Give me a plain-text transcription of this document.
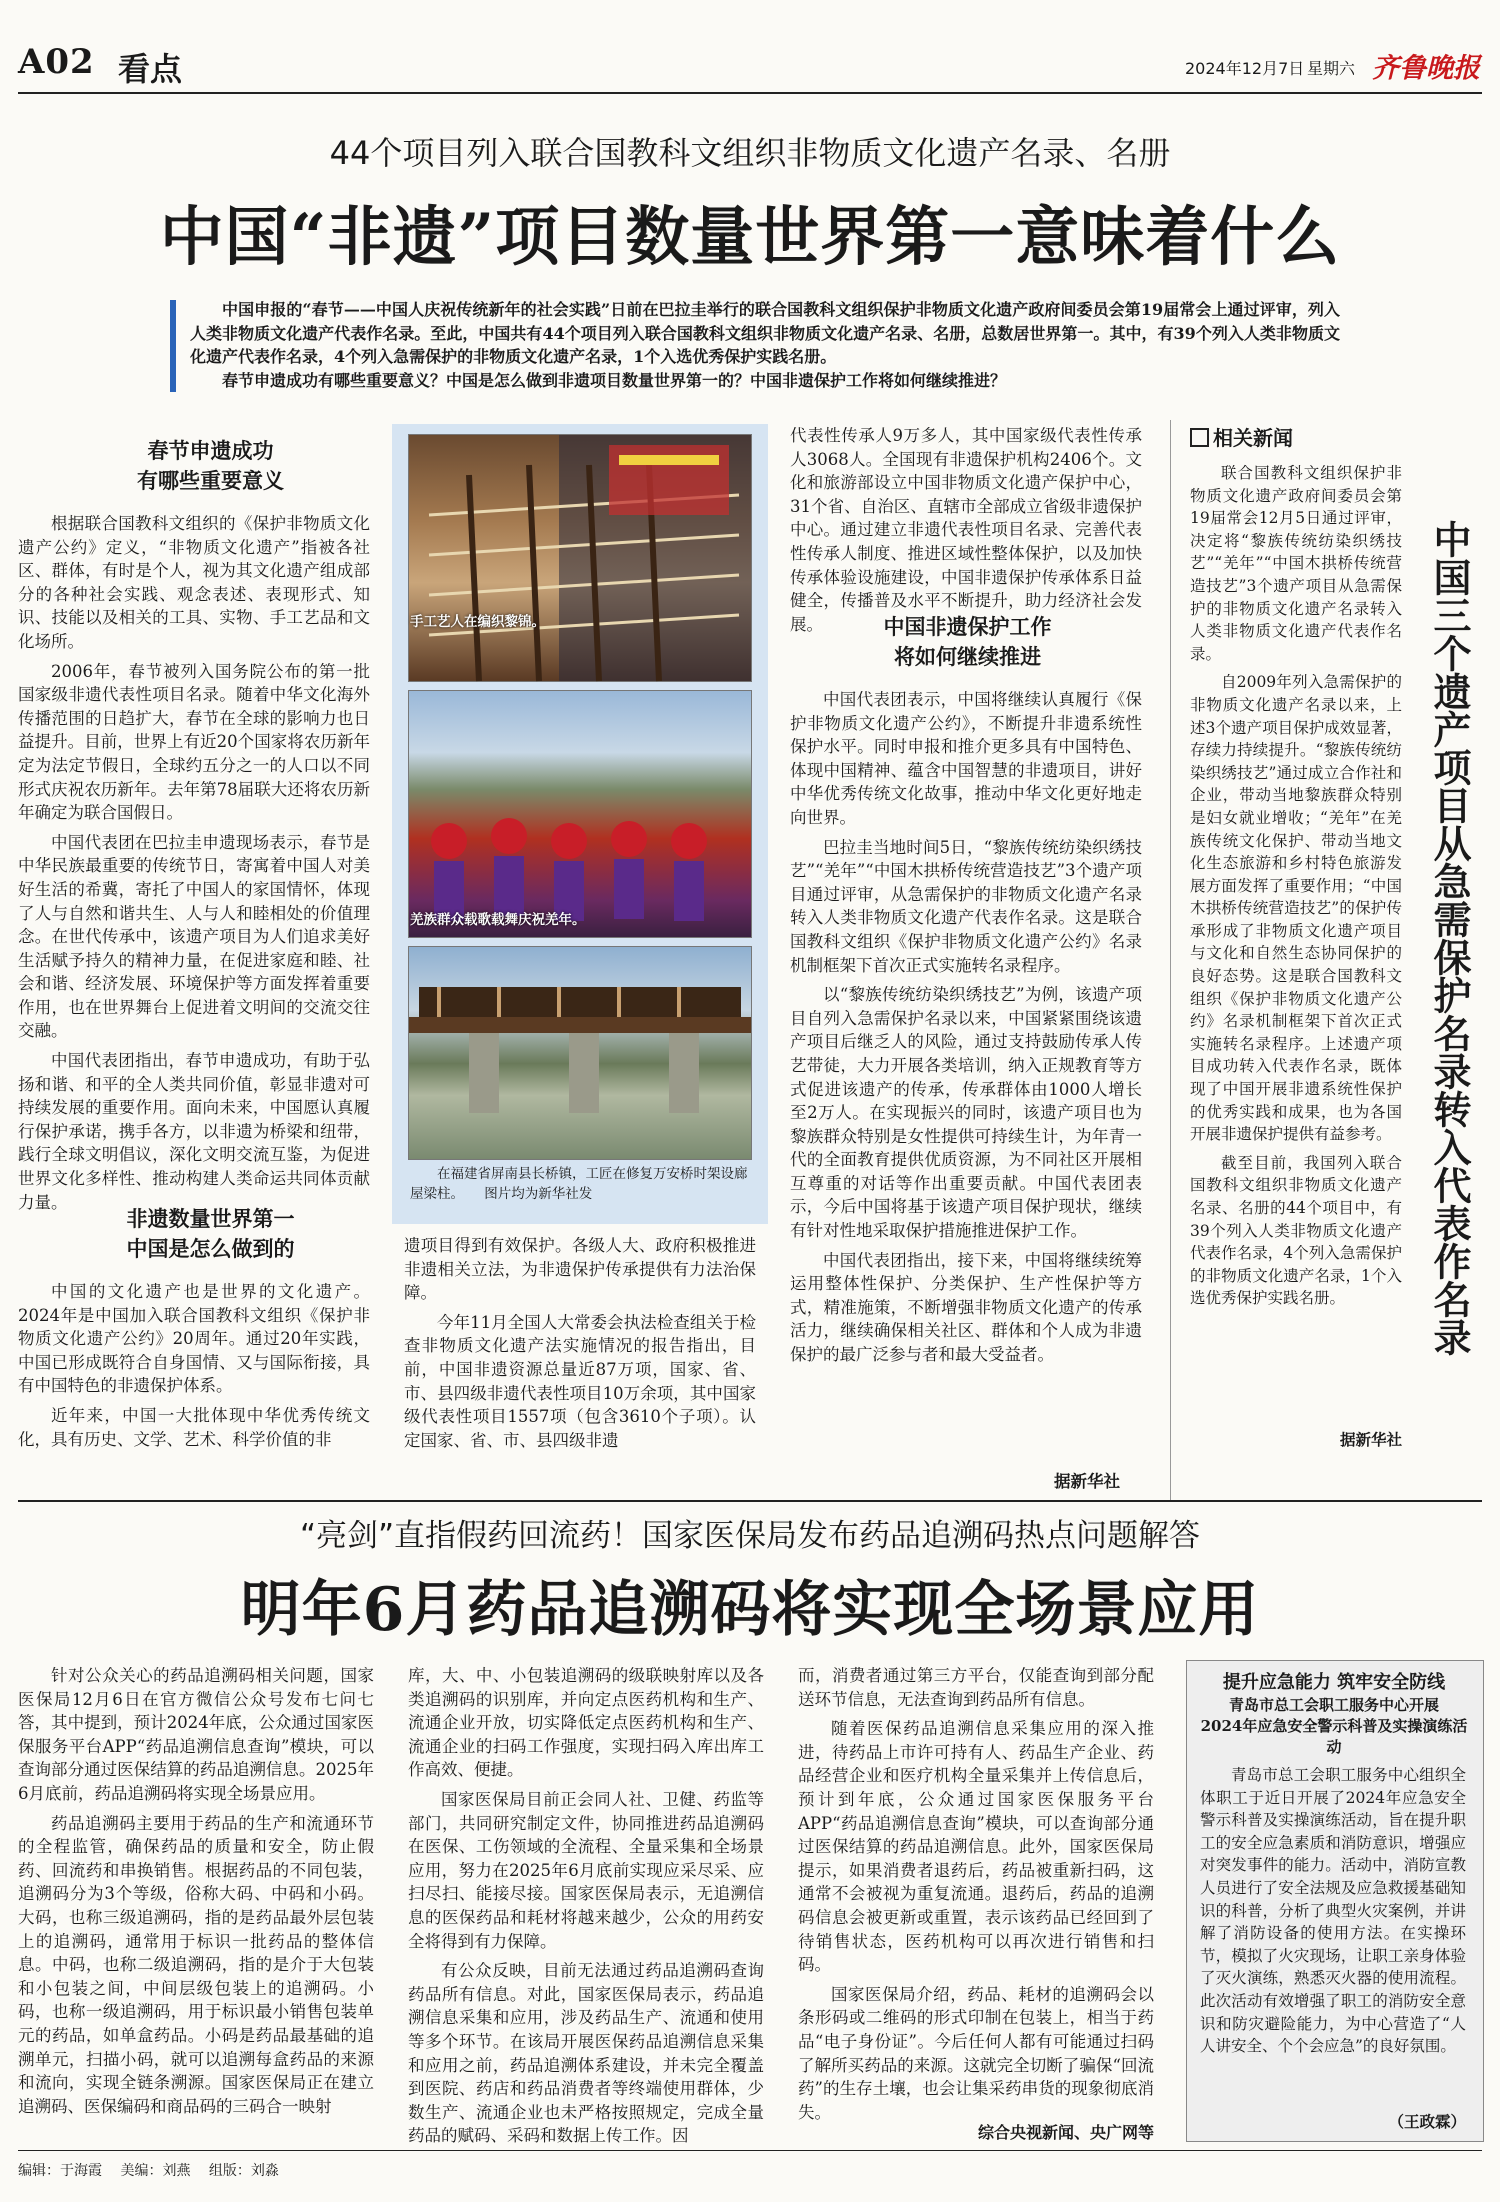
A02 看点	2024年12月7日 星期六 齐鲁晚报
44个项目列入联合国教科文组织非物质文化遗产名录、名册
中国“非遗”项目数量世界第一意味着什么
中国申报的“春节——中国人庆祝传统新年的社会实践”日前在巴拉圭举行的联合国教科文组织保护非物质文化遗产政府间委员会第19届常会上通过评审，列入人类非物质文化遗产代表作名录。至此，中国共有44个项目列入联合国教科文组织非物质文化遗产名录、名册，总数居世界第一。其中，有39个列入人类非物质文化遗产代表作名录，4个列入急需保护的非物质文化遗产名录，1个入选优秀保护实践名册。
春节申遗成功有哪些重要意义？中国是怎么做到非遗项目数量世界第一的？中国非遗保护工作将如何继续推进？
春节申遗成功
有哪些重要意义

根据联合国教科文组织的《保护非物质文化遗产公约》定义，“非物质文化遗产”指被各社区、群体，有时是个人，视为其文化遗产组成部分的各种社会实践、观念表述、表现形式、知识、技能以及相关的工具、实物、手工艺品和文化场所。

2006年，春节被列入国务院公布的第一批国家级非遗代表性项目名录。随着中华文化海外传播范围的日趋扩大，春节在全球的影响力也日益提升。目前，世界上有近20个国家将农历新年定为法定节假日，全球约五分之一的人口以不同形式庆祝农历新年。去年第78届联大还将农历新年确定为联合国假日。

中国代表团在巴拉圭申遗现场表示，春节是中华民族最重要的传统节日，寄寓着中国人对美好生活的希冀，寄托了中国人的家国情怀，体现了人与自然和谐共生、人与人和睦相处的价值理念。在世代传承中，该遗产项目为人们追求美好生活赋予持久的精神力量，在促进家庭和睦、社会和谐、经济发展、环境保护等方面发挥着重要作用，也在世界舞台上促进着文明间的交流交往交融。

中国代表团指出，春节申遗成功，有助于弘扬和谐、和平的全人类共同价值，彰显非遗对可持续发展的重要作用。面向未来，中国愿认真履行保护承诺，携手各方，以非遗为桥梁和纽带，践行全球文明倡议，深化文明交流互鉴，为促进世界文化多样性、推动构建人类命运共同体贡献力量。

非遗数量世界第一
中国是怎么做到的

中国的文化遗产也是世界的文化遗产。2024年是中国加入联合国教科文组织《保护非物质文化遗产公约》20周年。通过20年实践，中国已形成既符合自身国情、又与国际衔接，具有中国特色的非遗保护体系。

近年来，中国一大批体现中华优秀传统文化，具有历史、文学、艺术、科学价值的非

手工艺人在编织黎锦。
羌族群众载歌载舞庆祝羌年。
在福建省屏南县长桥镇，工匠在修复万安桥时架设廊屋梁柱。　　图片均为新华社发

遗项目得到有效保护。各级人大、政府积极推进非遗相关立法，为非遗保护传承提供有力法治保障。

今年11月全国人大常委会执法检查组关于检查非物质文化遗产法实施情况的报告指出，目前，中国非遗资源总量近87万项，国家、省、市、县四级非遗代表性项目10万余项，其中国家级代表性项目1557项（包含3610个子项）。认定国家、省、市、县四级非遗

代表性传承人9万多人，其中国家级代表性传承人3068人。全国现有非遗保护机构2406个。文化和旅游部设立中国非物质文化遗产保护中心，31个省、自治区、直辖市全部成立省级非遗保护中心。通过建立非遗代表性项目名录、完善代表性传承人制度、推进区域性整体保护，以及加快传承体验设施建设，中国非遗保护传承体系日益健全，传播普及水平不断提升，助力经济社会发展。	中国非遗保护工作
将如何继续推进

中国代表团表示，中国将继续认真履行《保护非物质文化遗产公约》，不断提升非遗系统性保护水平。同时申报和推介更多具有中国特色、体现中国精神、蕴含中国智慧的非遗项目，讲好中华优秀传统文化故事，推动中华文化更好地走向世界。

巴拉圭当地时间5日，“黎族传统纺染织绣技艺”“羌年”“中国木拱桥传统营造技艺”3个遗产项目通过评审，从急需保护的非物质文化遗产名录转入人类非物质文化遗产代表作名录。这是联合国教科文组织《保护非物质文化遗产公约》名录机制框架下首次正式实施转名录程序。

以“黎族传统纺染织绣技艺”为例，该遗产项目自列入急需保护名录以来，中国紧紧围绕该遗产项目后继乏人的风险，通过支持鼓励传承人传艺带徒，大力开展各类培训，纳入正规教育等方式促进该遗产的传承，传承群体由1000人增长至2万人。在实现振兴的同时，该遗产项目也为黎族群众特别是女性提供可持续生计，为年青一代的全面教育提供优质资源，为不同社区开展相互尊重的对话等作出重要贡献。中国代表团表示，今后中国将基于该遗产项目保护现状，继续有针对性地采取保护措施推进保护工作。

中国代表团指出，接下来，中国将继续统筹运用整体性保护、分类保护、生产性保护等方式，精准施策，不断增强非物质文化遗产的传承活力，继续确保相关社区、群体和个人成为非遗保护的最广泛参与者和最大受益者。

据新华社
相关新闻

联合国教科文组织保护非物质文化遗产政府间委员会第19届常会12月5日通过评审，决定将“黎族传统纺染织绣技艺”“羌年”“中国木拱桥传统营造技艺”3个遗产项目从急需保护的非物质文化遗产名录转入人类非物质文化遗产代表作名录。

自2009年列入急需保护的非物质文化遗产名录以来，上述3个遗产项目保护成效显著，存续力持续提升。“黎族传统纺染织绣技艺”通过成立合作社和企业，带动当地黎族群众特别是妇女就业增收；“羌年”在羌族传统文化保护、带动当地文化生态旅游和乡村特色旅游发展方面发挥了重要作用；“中国木拱桥传统营造技艺”的保护传承形成了非物质文化遗产项目与文化和自然生态协同保护的良好态势。这是联合国教科文组织《保护非物质文化遗产公约》名录机制框架下首次正式实施转名录程序。上述遗产项目成功转入代表作名录，既体现了中国开展非遗系统性保护的优秀实践和成果，也为各国开展非遗保护提供有益参考。

截至目前，我国列入联合国教科文组织非物质文化遗产名录、名册的44个项目中，有39个列入人类非物质文化遗产代表作名录，4个列入急需保护的非物质文化遗产名录，1个入选优秀保护实践名册。

据新华社
中国三个遗产项目从急需保护名录转入代表作名录
“亮剑”直指假药回流药！国家医保局发布药品追溯码热点问题解答
明年6月药品追溯码将实现全场景应用

针对公众关心的药品追溯码相关问题，国家医保局12月6日在官方微信公众号发布七问七答，其中提到，预计2024年底，公众通过国家医保服务平台APP“药品追溯信息查询”模块，可以查询部分通过医保结算的药品追溯信息。2025年6月底前，药品追溯码将实现全场景应用。

药品追溯码主要用于药品的生产和流通环节的全程监管，确保药品的质量和安全，防止假药、回流药和串换销售。根据药品的不同包装，追溯码分为3个等级，俗称大码、中码和小码。大码，也称三级追溯码，指的是药品最外层包装上的追溯码，通常用于标识一批药品的整体信息。中码，也称二级追溯码，指的是介于大包装和小包装之间，中间层级包装上的追溯码。小码，也称一级追溯码，用于标识最小销售包装单元的药品，如单盒药品。小码是药品最基础的追溯单元，扫描小码，就可以追溯每盒药品的来源和流向，实现全链条溯源。国家医保局正在建立追溯码、医保编码和商品码的三码合一映射

库，大、中、小包装追溯码的级联映射库以及各类追溯码的识别库，并向定点医药机构和生产、流通企业开放，切实降低定点医药机构和生产、流通企业的扫码工作强度，实现扫码入库出库工作高效、便捷。

国家医保局目前正会同人社、卫健、药监等部门，共同研究制定文件，协同推进药品追溯码在医保、工伤领域的全流程、全量采集和全场景应用，努力在2025年6月底前实现应采尽采、应扫尽扫、能接尽接。国家医保局表示，无追溯信息的医保药品和耗材将越来越少，公众的用药安全将得到有力保障。

有公众反映，目前无法通过药品追溯码查询药品所有信息。对此，国家医保局表示，药品追溯信息采集和应用，涉及药品生产、流通和使用等多个环节。在该局开展医保药品追溯信息采集和应用之前，药品追溯体系建设，并未完全覆盖到医院、药店和药品消费者等终端使用群体，少数生产、流通企业也未严格按照规定，完成全量药品的赋码、采码和数据上传工作。因

而，消费者通过第三方平台，仅能查询到部分配送环节信息，无法查询到药品所有信息。

随着医保药品追溯信息采集应用的深入推进，待药品上市许可持有人、药品生产企业、药品经营企业和医疗机构全量采集并上传信息后，预计到年底，公众通过国家医保服务平台APP“药品追溯信息查询”模块，可以查询部分通过医保结算的药品追溯信息。此外，国家医保局提示，如果消费者退药后，药品被重新扫码，这通常不会被视为重复流通。退药后，药品的追溯码信息会被更新或重置，表示该药品已经回到了待销售状态，医药机构可以再次进行销售和扫码。

国家医保局介绍，药品、耗材的追溯码会以条形码或二维码的形式印制在包装上，相当于药品“电子身份证”。今后任何人都有可能通过扫码了解所买药品的来源。这就完全切断了骗保“回流药”的生存土壤，也会让集采药串货的现象彻底消失。

综合央视新闻、央广网等
提升应急能力 筑牢安全防线
青岛市总工会职工服务中心开展
2024年应急安全警示科普及实操演练活动

青岛市总工会职工服务中心组织全体职工于近日开展了2024年应急安全警示科普及实操演练活动，旨在提升职工的安全应急素质和消防意识，增强应对突发事件的能力。活动中，消防宣教人员进行了安全法规及应急救援基础知识的科普，分析了典型火灾案例，并讲解了消防设备的使用方法。在实操环节，模拟了火灾现场，让职工亲身体验了灭火演练，熟悉灭火器的使用流程。此次活动有效增强了职工的消防安全意识和防灾避险能力，为中心营造了“人人讲安全、个个会应急”的良好氛围。

（王政霖）
编辑：于海霞 美编：刘燕 组版：刘淼
